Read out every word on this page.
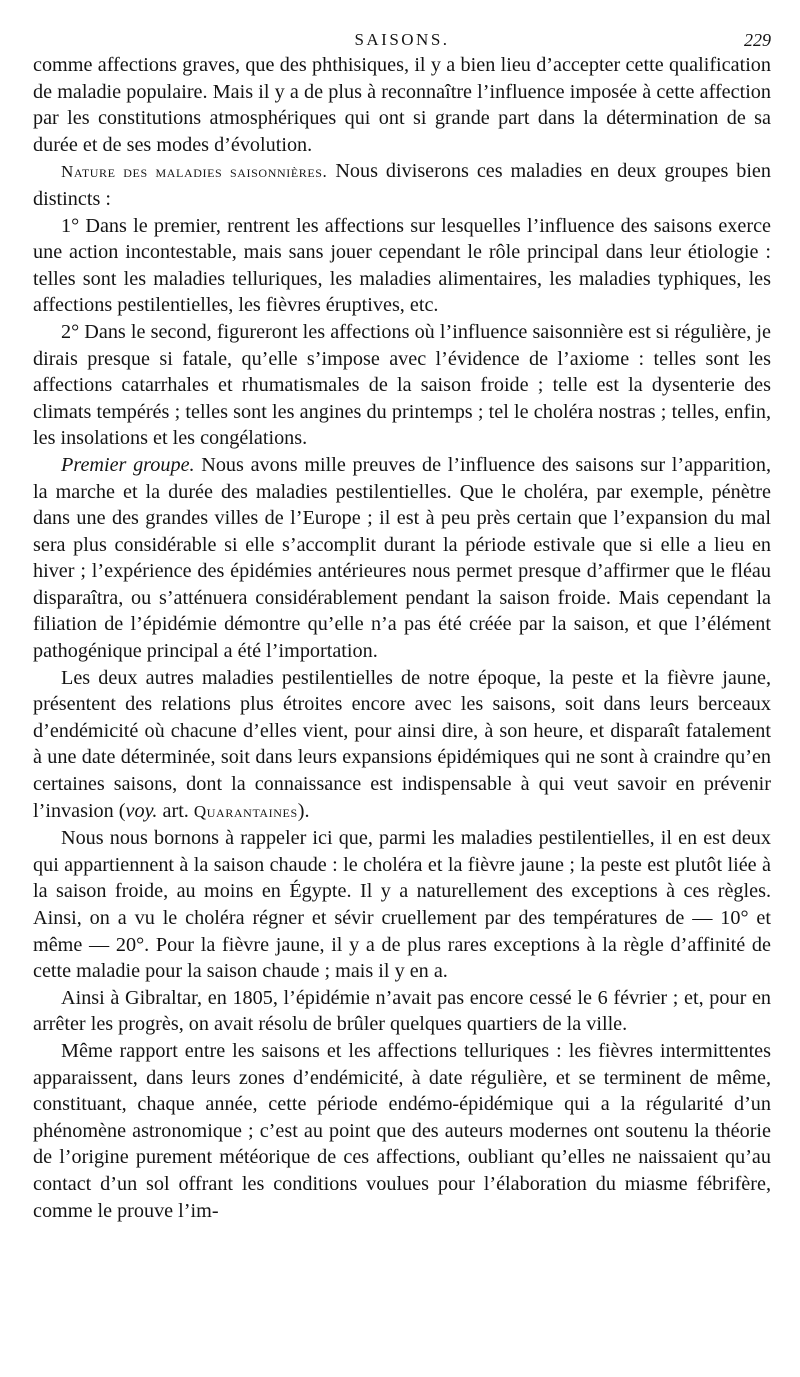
SAISONS.	229

comme affections graves, que des phthisiques, il y a bien lieu d’accepter cette qualification de maladie populaire. Mais il y a de plus à reconnaître l’influence imposée à cette affection par les constitutions atmosphériques qui ont si grande part dans la détermination de sa durée et de ses modes d’évolution.

Nature des maladies saisonnières. Nous diviserons ces maladies en deux groupes bien distincts :

1° Dans le premier, rentrent les affections sur lesquelles l’influence des saisons exerce une action incontestable, mais sans jouer cependant le rôle principal dans leur étiologie : telles sont les maladies telluriques, les maladies alimentaires, les maladies typhiques, les affections pestilentielles, les fièvres éruptives, etc.

2° Dans le second, figureront les affections où l’influence saisonnière est si régulière, je dirais presque si fatale, qu’elle s’impose avec l’évidence de l’axiome : telles sont les affections catarrhales et rhumatismales de la saison froide ; telle est la dysenterie des climats tempérés ; telles sont les angines du printemps ; tel le choléra nostras ; telles, enfin, les insolations et les congélations.

Premier groupe. Nous avons mille preuves de l’influence des saisons sur l’apparition, la marche et la durée des maladies pestilentielles. Que le choléra, par exemple, pénètre dans une des grandes villes de l’Europe ; il est à peu près certain que l’expansion du mal sera plus considérable si elle s’accomplit durant la période estivale que si elle a lieu en hiver ; l’expérience des épidémies antérieures nous permet presque d’affirmer que le fléau disparaîtra, ou s’atténuera considérablement pendant la saison froide. Mais cependant la filiation de l’épidémie démontre qu’elle n’a pas été créée par la saison, et que l’élément pathogénique principal a été l’importation.

Les deux autres maladies pestilentielles de notre époque, la peste et la fièvre jaune, présentent des relations plus étroites encore avec les saisons, soit dans leurs berceaux d’endémicité où chacune d’elles vient, pour ainsi dire, à son heure, et disparaît fatalement à une date déterminée, soit dans leurs expansions épidémiques qui ne sont à craindre qu’en certaines saisons, dont la connaissance est indispensable à qui veut savoir en prévenir l’invasion (voy. art. Quarantaines).

Nous nous bornons à rappeler ici que, parmi les maladies pestilentielles, il en est deux qui appartiennent à la saison chaude : le choléra et la fièvre jaune ; la peste est plutôt liée à la saison froide, au moins en Égypte. Il y a naturellement des exceptions à ces règles. Ainsi, on a vu le choléra régner et sévir cruellement par des températures de — 10° et même — 20°. Pour la fièvre jaune, il y a de plus rares exceptions à la règle d’affinité de cette maladie pour la saison chaude ; mais il y en a.

Ainsi à Gibraltar, en 1805, l’épidémie n’avait pas encore cessé le 6 février ; et, pour en arrêter les progrès, on avait résolu de brûler quelques quartiers de la ville.

Même rapport entre les saisons et les affections telluriques : les fièvres intermittentes apparaissent, dans leurs zones d’endémicité, à date régulière, et se terminent de même, constituant, chaque année, cette période endémo-épidémique qui a la régularité d’un phénomène astronomique ; c’est au point que des auteurs modernes ont soutenu la théorie de l’origine purement météorique de ces affections, oubliant qu’elles ne naissaient qu’au contact d’un sol offrant les conditions voulues pour l’élaboration du miasme fébrifère, comme le prouve l’im-
